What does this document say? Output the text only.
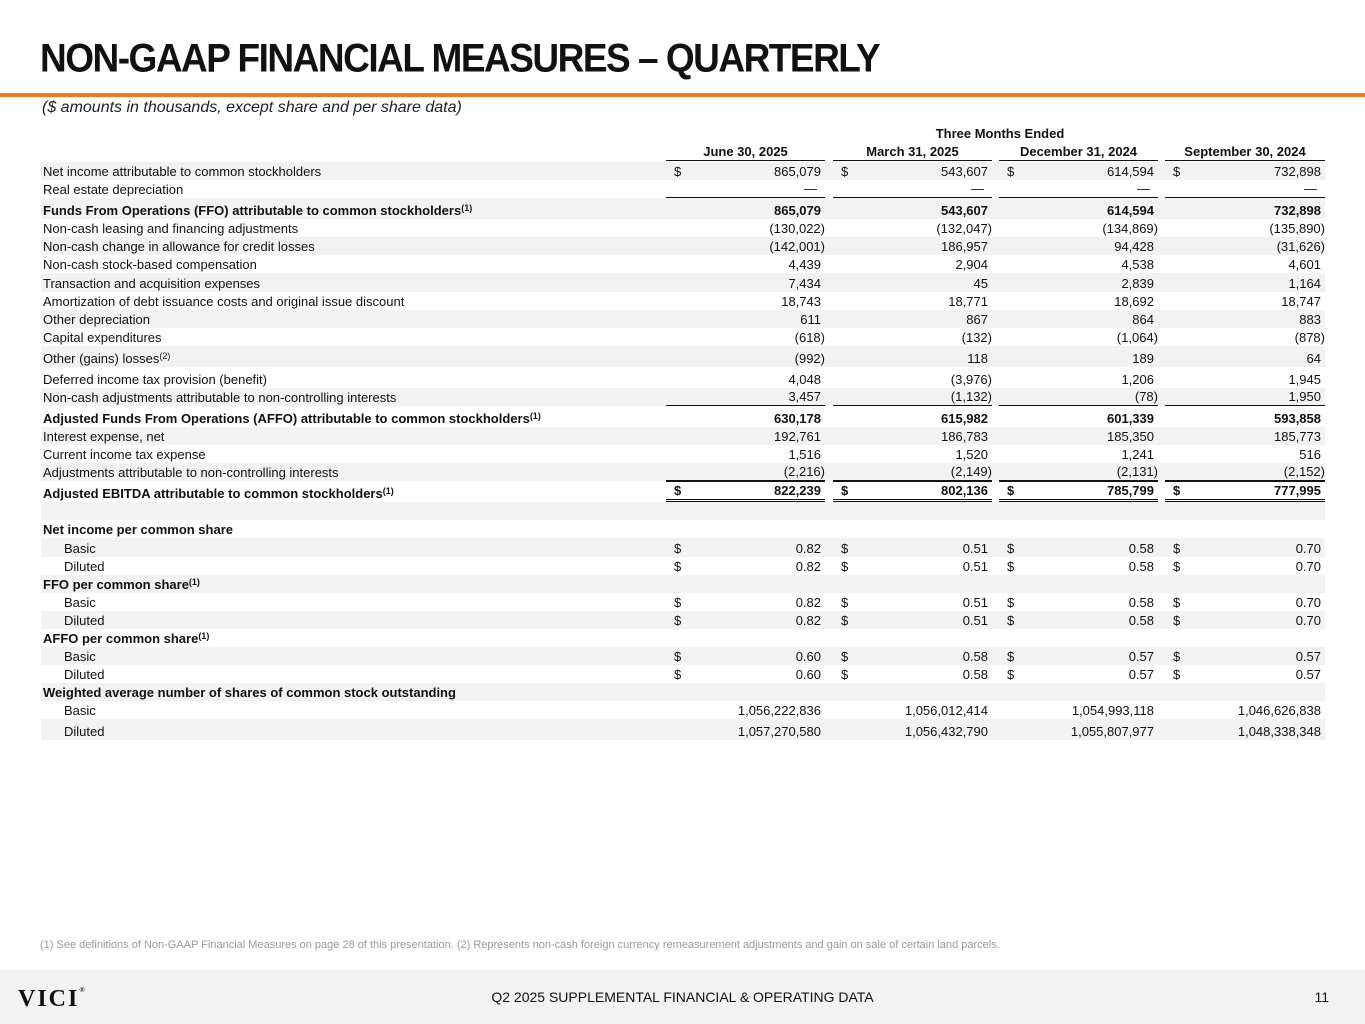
NON-GAAP FINANCIAL MEASURES – QUARTERLY
($ amounts in thousands, except share and per share data)
Three Months Ended
June 30, 2025	March 31, 2025	December 31, 2024	September 30, 2024
Net income attributable to common stockholders	$	865,079 $	543,607 $	614,594 $	732,898
Real estate depreciation	—	—	—	—
Funds From Operations (FFO) attributable to common stockholders$^{(1)}$	865,079	543,607	614,594	732,898
Non-cash leasing and financing adjustments	(130,022)	(132,047)	(134,869)	(135,890)
Non-cash change in allowance for credit losses	(142,001)	186,957	94,428	(31,626)
Non-cash stock-based compensation	4,439	2,904	4,538	4,601
Transaction and acquisition expenses	7,434	45	2,839	1,164
Amortization of debt issuance costs and original issue discount	18,743	18,771	18,692	18,747
Other depreciation	611	867	864	883
Capital expenditures	(618)	(132)	(1,064)	(878)
Other (gains) losses$^{(2)}$	(992)	118	189	64
Deferred income tax provision (benefit)	4,048	(3,976)	1,206	1,945
Non-cash adjustments attributable to non-controlling interests	3,457	(1,132)	(78)	1,950
Adjusted Funds From Operations (AFFO) attributable to common stockholders$^{(1)}$	630,178	615,982	601,339	593,858
Interest expense, net	192,761	186,783	185,350	185,773
Current income tax expense	1,516	1,520	1,241	516
Adjustments attributable to non-controlling interests	(2,216)	(2,149)	(2,131)	(2,152)
Adjusted EBITDA attributable to common stockholders$^{(1)}$	$	822,239 $	802,136 $	785,799 $	777,995
Net income per common share
Basic	$	0.82 $	0.51 $	0.58 $	0.70
Diluted	$	0.82 $	0.51 $	0.58 $	0.70
FFO per common share$^{(1)}$
Basic	$	0.82 $	0.51 $	0.58 $	0.70
Diluted	$	0.82 $	0.51 $	0.58 $	0.70
AFFO per common share$^{(1)}$
Basic	$	0.60 $	0.58 $	0.57 $	0.57
Diluted	$	0.60 $	0.58 $	0.57 $	0.57
Weighted average number of shares of common stock outstanding
Basic	1,056,222,836	1,056,012,414	1,054,993,118	1,046,626,838
Diluted	1,057,270,580	1,056,432,790	1,055,807,977	1,048,338,348
(1) See definitions of Non-GAAP Financial Measures on page 28 of this presentation. (2) Represents non-cash foreign currency remeasurement adjustments and gain on sale of certain land parcels.
VICI®	Q2 2025 SUPPLEMENTAL FINANCIAL & OPERATING DATA	11
